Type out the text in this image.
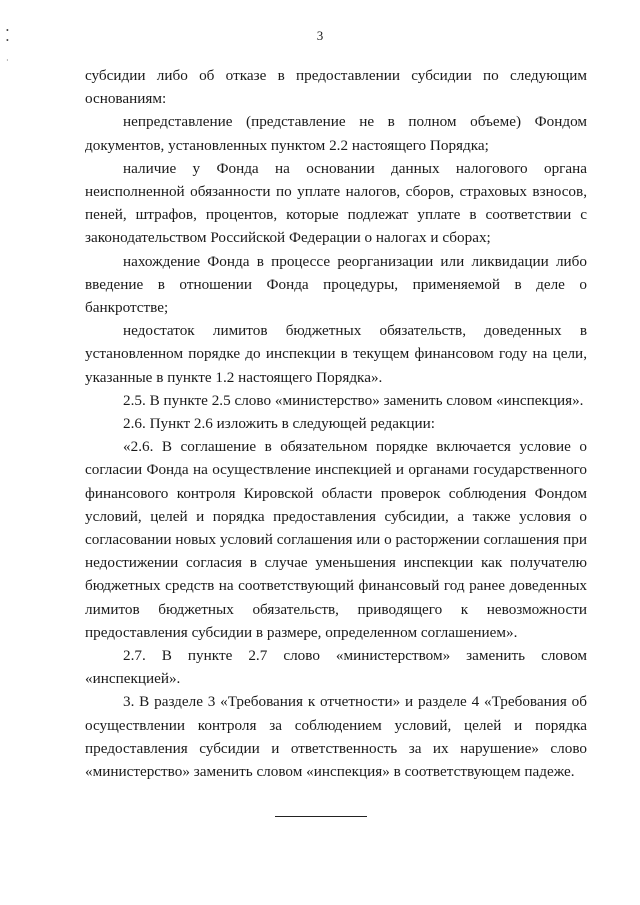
•
•
·
3

субсидии либо об отказе в предоставлении субсидии по следующим основаниям:

непредставление (представление не в полном объеме) Фондом документов, установленных пунктом 2.2 настоящего Порядка;

наличие у Фонда на основании данных налогового органа неисполненной обязанности по уплате налогов, сборов, страховых взносов, пеней, штрафов, процентов, которые подлежат уплате в соответствии с законодательством Российской Федерации о налогах и сборах;

нахождение Фонда в процессе реорганизации или ликвидации либо введение в отношении Фонда процедуры, применяемой в деле о банкротстве;

недостаток лимитов бюджетных обязательств, доведенных в установленном порядке до инспекции в текущем финансовом году на цели, указанные в пункте 1.2 настоящего Порядка».

2.5. В пункте 2.5 слово «министерство» заменить словом «инспекция».

2.6. Пункт 2.6 изложить в следующей редакции:

«2.6. В соглашение в обязательном порядке включается условие о согласии Фонда на осуществление инспекцией и органами государственного финансового контроля Кировской области проверок соблюдения Фондом условий, целей и порядка предоставления субсидии, а также условия о согласовании новых условий соглашения или о расторжении соглашения при недостижении согласия в случае уменьшения инспекции как получателю бюджетных средств на соответствующий финансовый год ранее доведенных лимитов бюджетных обязательств, приводящего к невозможности предоставления субсидии в размере, определенном соглашением».

2.7. В пункте 2.7 слово «министерством» заменить словом «инспекцией».

3. В разделе 3 «Требования к отчетности» и разделе 4 «Требования об осуществлении контроля за соблюдением условий, целей и порядка предоставления субсидии и ответственность за их нарушение» слово «министерство» заменить словом «инспекция» в соответствующем падеже.
